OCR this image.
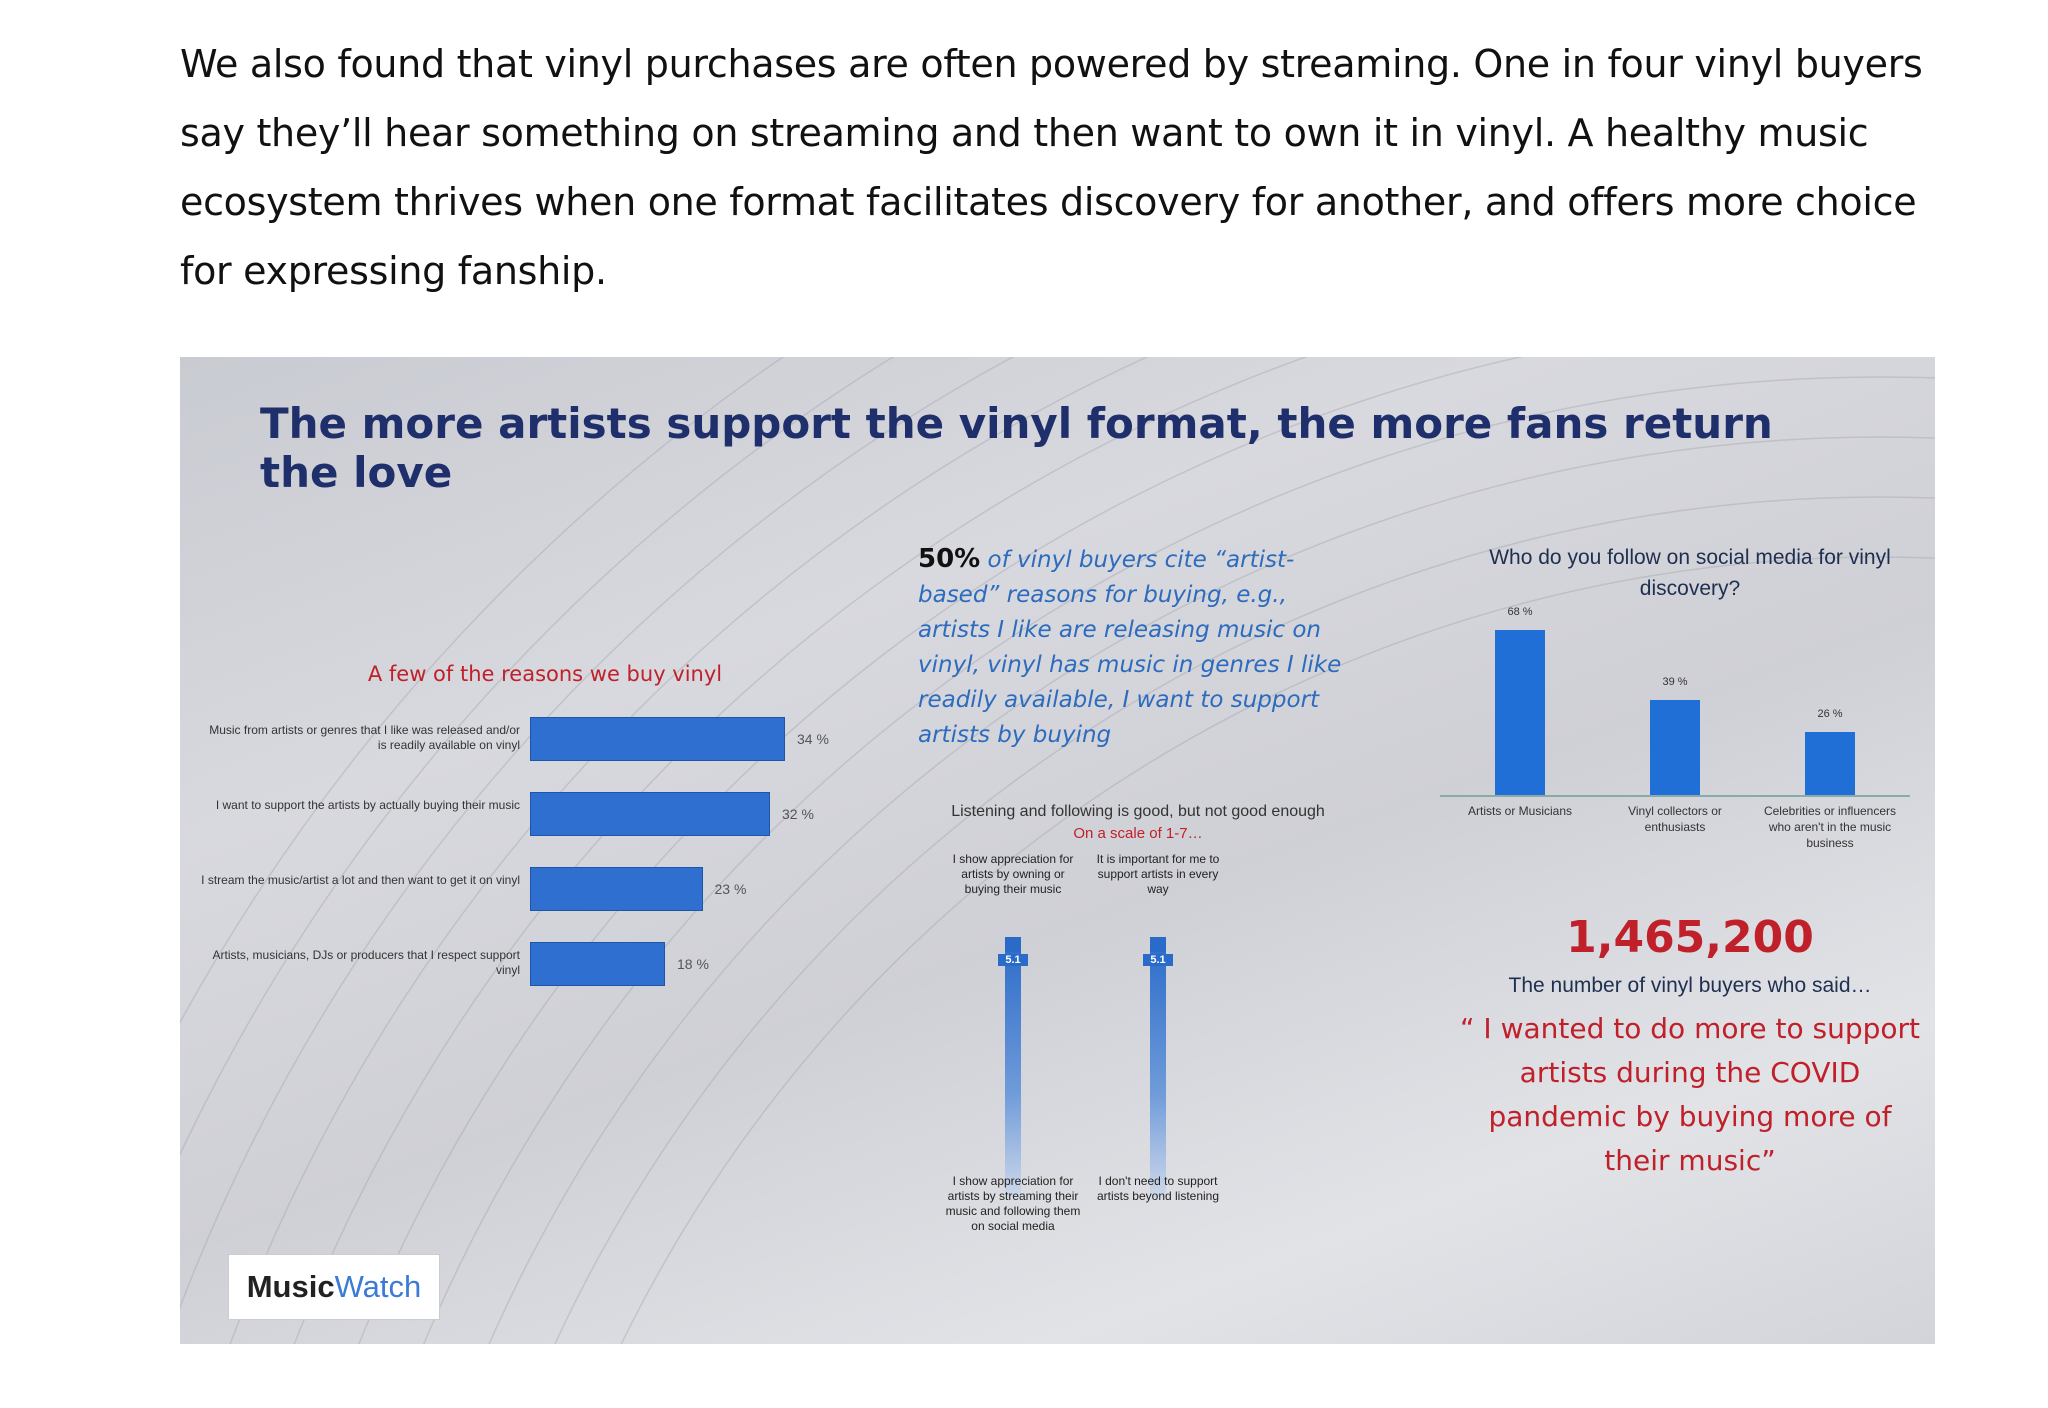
We also found that vinyl purchases are often powered by streaming. One in four vinyl buyers say they’ll hear something on streaming and then want to own it in vinyl. A healthy music ecosystem thrives when one format facilitates discovery for another, and offers more choice for expressing fanship.

The more artists support the vinyl format, the more fans return the love
A few of the reasons we buy vinyl
Music from artists or genres that I like was released and/or is readily available on vinyl	34 %
I want to support the artists by actually buying their music
32 %
I stream the music/artist a lot and then want to get it on vinyl
23 %
Artists, musicians, DJs or producers that I respect support vinyl	18 %
50% of vinyl buyers cite “artist-based” reasons for buying, e.g., artists I like are releasing music on vinyl, vinyl has music in genres I like readily available, I want to support artists by buying
Listening and following is good, but not good enough
On a scale of 1-7…
I show appreciation for artists by owning or buying their music
5.1
I show appreciation for artists by streaming their music and following them on social media
It is important for me to support artists in every way
5.1
I don't need to support artists beyond listening
Who do you follow on social media for vinyl discovery?
68 %
Artists or Musicians
39 %
Vinyl collectors or enthusiasts
26 %
Celebrities or influencers who aren't in the music business
1,465,200
The number of vinyl buyers who said…
“ I wanted to do more to support artists during the COVID pandemic by buying more of their music”
Music Watch
